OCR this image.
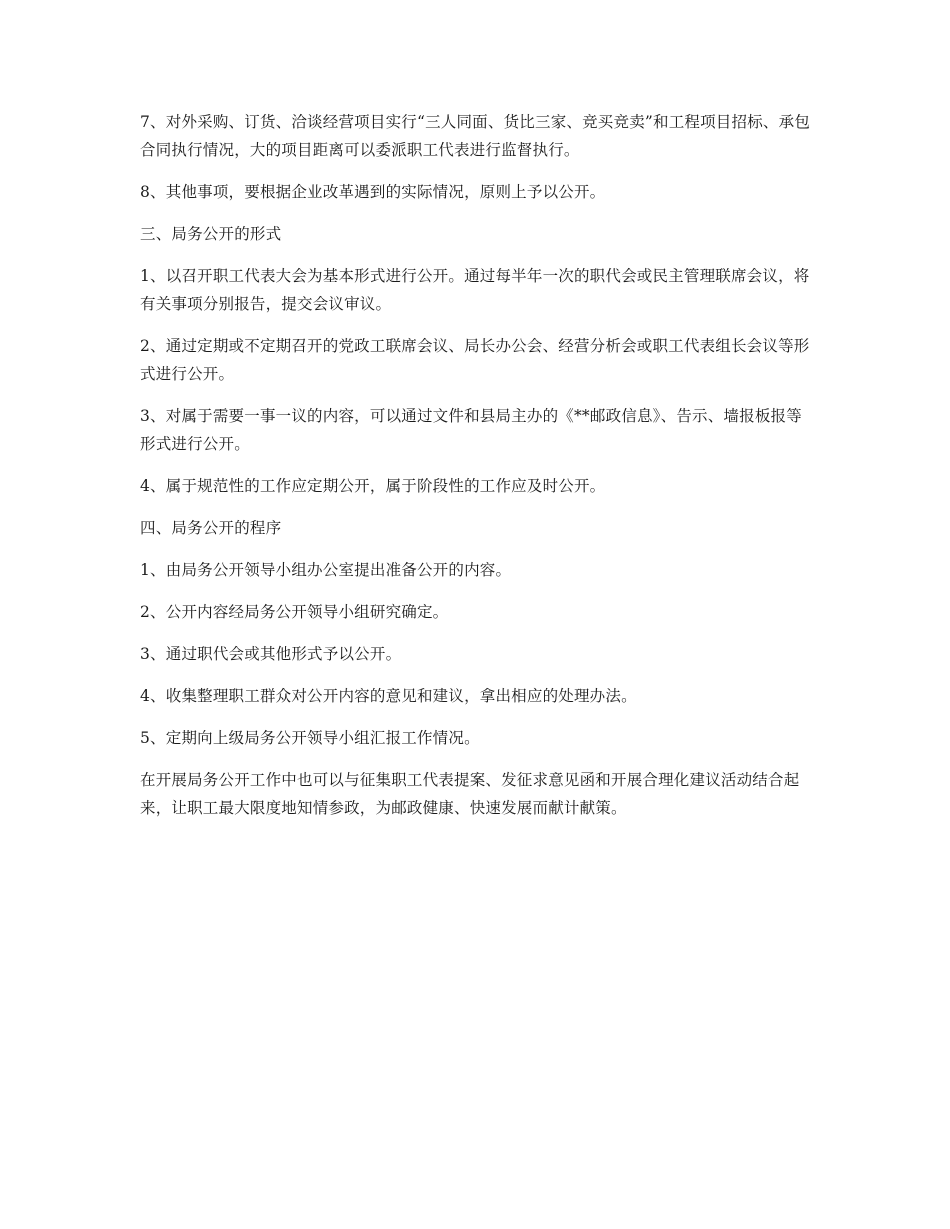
7、对外采购、订货、洽谈经营项目实行“三人同面、货比三家、竞买竞卖”和工程项目招标、承包合同执行情况，大的项目距离可以委派职工代表进行监督执行。

8、其他事项，要根据企业改革遇到的实际情况，原则上予以公开。

三、局务公开的形式

1、以召开职工代表大会为基本形式进行公开。通过每半年一次的职代会或民主管理联席会议，将有关事项分别报告，提交会议审议。

2、通过定期或不定期召开的党政工联席会议、局长办公会、经营分析会或职工代表组长会议等形式进行公开。

3、对属于需要一事一议的内容，可以通过文件和县局主办的《**邮政信息》、告示、墙报板报等形式进行公开。

4、属于规范性的工作应定期公开，属于阶段性的工作应及时公开。

四、局务公开的程序

1、由局务公开领导小组办公室提出准备公开的内容。

2、公开内容经局务公开领导小组研究确定。

3、通过职代会或其他形式予以公开。

4、收集整理职工群众对公开内容的意见和建议，拿出相应的处理办法。

5、定期向上级局务公开领导小组汇报工作情况。

在开展局务公开工作中也可以与征集职工代表提案、发征求意见函和开展合理化建议活动结合起来，让职工最大限度地知情参政，为邮政健康、快速发展而献计献策。
